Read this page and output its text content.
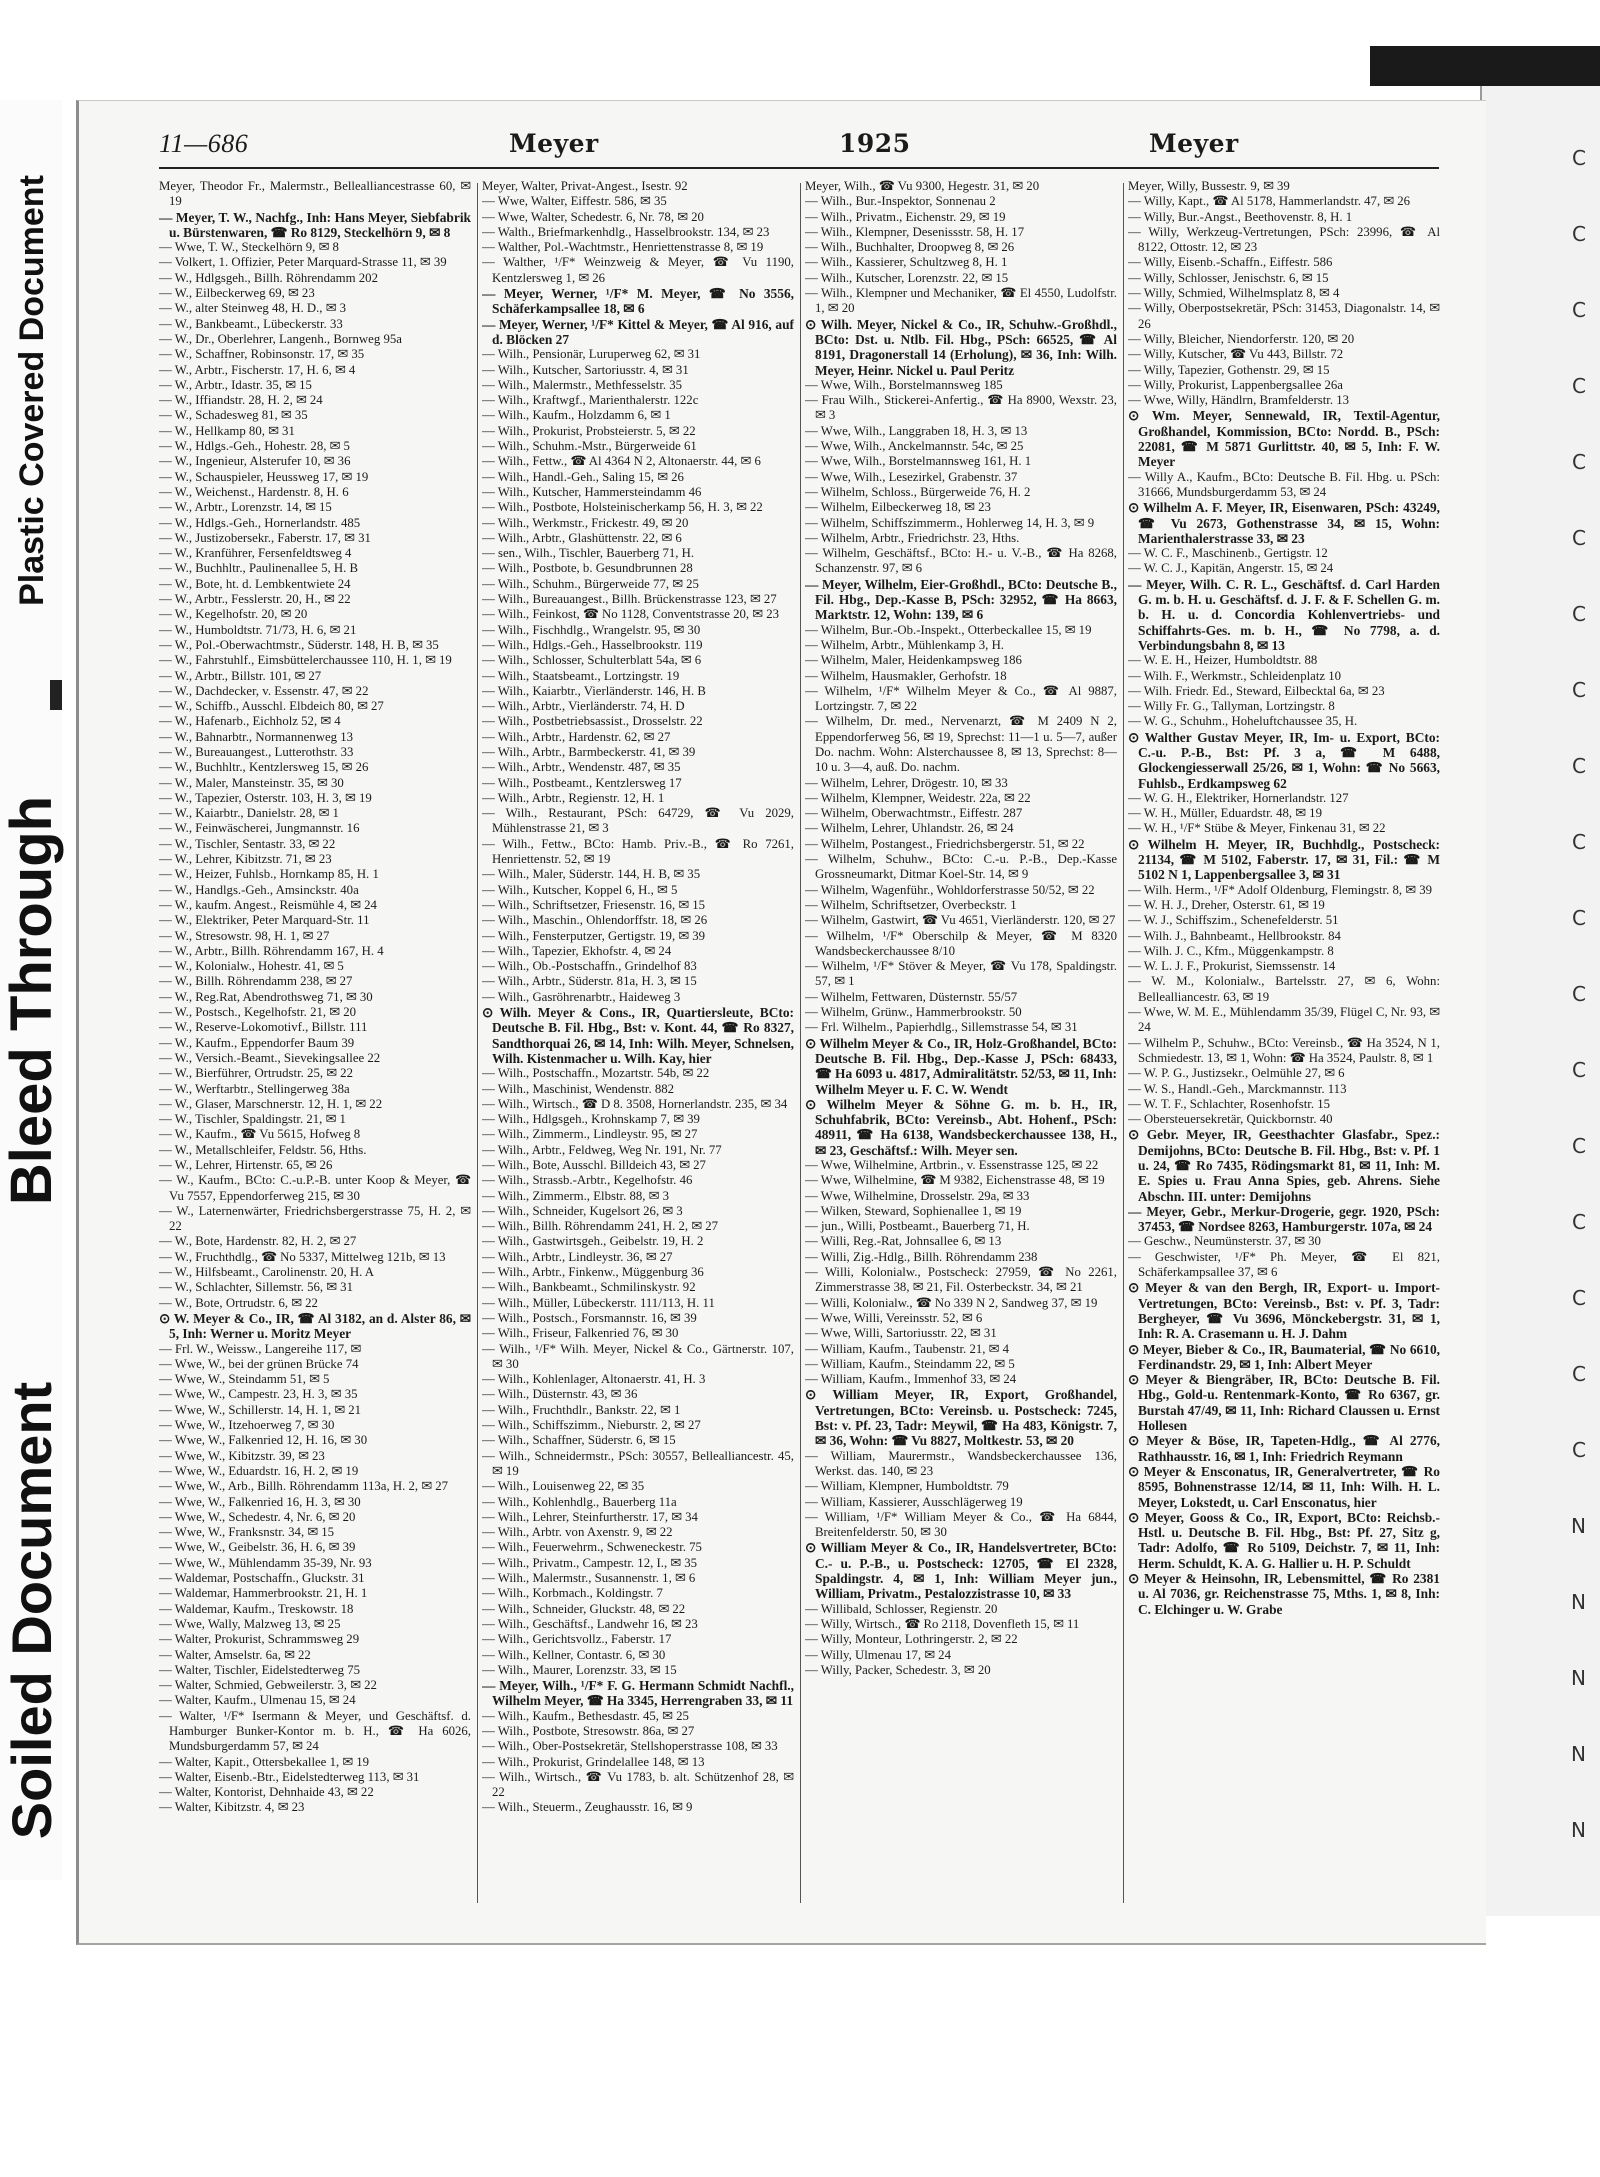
Plastic Covered Document
Bleed Through
Soiled Document
C
C
C
C
C
C
C
C
C
C
C
C
C
C
C
C
C
C
N
N
N
N
N
11—686	Meyer	1925	Meyer
Meyer, Theodor Fr., Malermstr., Bellealliancestrasse 60, ✉ 19
— Meyer, T. W., Nachfg., Inh: Hans Meyer, Siebfabrik u. Bürstenwaren, ☎ Ro 8129, Steckelhörn 9, ✉ 8
— Wwe, T. W., Steckelhörn 9, ✉ 8
— Volkert, 1. Offizier, Peter Marquard-Strasse 11, ✉ 39
— W., Hdlgsgeh., Billh. Röhrendamm 202
— W., Eilbeckerweg 69, ✉ 23
— W., alter Steinweg 48, H. D., ✉ 3
— W., Bankbeamt., Lübeckerstr. 33
— W., Dr., Oberlehrer, Langenh., Bornweg 95a
— W., Schaffner, Robinsonstr. 17, ✉ 35
— W., Arbtr., Fischerstr. 17, H. 6, ✉ 4
— W., Arbtr., Idastr. 35, ✉ 15
— W., Iffiandstr. 28, H. 2, ✉ 24
— W., Schadesweg 81, ✉ 35
— W., Hellkamp 80, ✉ 31
— W., Hdlgs.-Geh., Hohestr. 28, ✉ 5
— W., Ingenieur, Alsterufer 10, ✉ 36
— W., Schauspieler, Heussweg 17, ✉ 19
— W., Weichenst., Hardenstr. 8, H. 6
— W., Arbtr., Lorenzstr. 14, ✉ 15
— W., Hdlgs.-Geh., Hornerlandstr. 485
— W., Justizobersekr., Faberstr. 17, ✉ 31
— W., Kranführer, Fersenfeldtsweg 4
— W., Buchhltr., Paulinenallee 5, H. B
— W., Bote, ht. d. Lembkentwiete 24
— W., Arbtr., Fesslerstr. 20, H., ✉ 22
— W., Kegelhofstr. 20, ✉ 20
— W., Humboldtstr. 71/73, H. 6, ✉ 21
— W., Pol.-Oberwachtmstr., Süderstr. 148, H. B, ✉ 35
— W., Fahrstuhlf., Eimsbüttelerchaussee 110, H. 1, ✉ 19
— W., Arbtr., Billstr. 101, ✉ 27
— W., Dachdecker, v. Essenstr. 47, ✉ 22
— W., Schiffb., Ausschl. Elbdeich 80, ✉ 27
— W., Hafenarb., Eichholz 52, ✉ 4
— W., Bahnarbtr., Normannenweg 13
— W., Bureauangest., Lutterothstr. 33
— W., Buchhltr., Kentzlersweg 15, ✉ 26
— W., Maler, Mansteinstr. 35, ✉ 30
— W., Tapezier, Osterstr. 103, H. 3, ✉ 19
— W., Kaiarbtr., Danielstr. 28, ✉ 1
— W., Feinwäscherei, Jungmannstr. 16
— W., Tischler, Sentastr. 33, ✉ 22
— W., Lehrer, Kibitzstr. 71, ✉ 23
— W., Heizer, Fuhlsb., Hornkamp 85, H. 1
— W., Handlgs.-Geh., Amsinckstr. 40a
— W., kaufm. Angest., Reismühle 4, ✉ 24
— W., Elektriker, Peter Marquard-Str. 11
— W., Stresowstr. 98, H. 1, ✉ 27
— W., Arbtr., Billh. Röhrendamm 167, H. 4
— W., Kolonialw., Hohestr. 41, ✉ 5
— W., Billh. Röhrendamm 238, ✉ 27
— W., Reg.Rat, Abendrothsweg 71, ✉ 30
— W., Postsch., Kegelhofstr. 21, ✉ 20
— W., Reserve-Lokomotivf., Billstr. 111
— W., Kaufm., Eppendorfer Baum 39
— W., Versich.-Beamt., Sievekingsallee 22
— W., Bierführer, Ortrudstr. 25, ✉ 22
— W., Werftarbtr., Stellingerweg 38a
— W., Glaser, Marschnerstr. 12, H. 1, ✉ 22
— W., Tischler, Spaldingstr. 21, ✉ 1
— W., Kaufm., ☎ Vu 5615, Hofweg 8
— W., Metallschleifer, Feldstr. 56, Hths.
— W., Lehrer, Hirtenstr. 65, ✉ 26
— W., Kaufm., BCto: C.-u.P.-B. unter Koop & Meyer, ☎ Vu 7557, Eppendorferweg 215, ✉ 30
— W., Laternenwärter, Friedrichsbergerstrasse 75, H. 2, ✉ 22
— W., Bote, Hardenstr. 82, H. 2, ✉ 27
— W., Fruchthdlg., ☎ No 5337, Mittelweg 121b, ✉ 13
— W., Hilfsbeamt., Carolinenstr. 20, H. A
— W., Schlachter, Sillemstr. 56, ✉ 31
— W., Bote, Ortrudstr. 6, ✉ 22
⊙ W. Meyer & Co., IR, ☎ Al 3182, an d. Alster 86, ✉ 5, Inh: Werner u. Moritz Meyer
— Frl. W., Weissw., Langereihe 117, ✉
— Wwe, W., bei der grünen Brücke 74
— Wwe, W., Steindamm 51, ✉ 5
— Wwe, W., Campestr. 23, H. 3, ✉ 35
— Wwe, W., Schillerstr. 14, H. 1, ✉ 21
— Wwe, W., Itzehoerweg 7, ✉ 30
— Wwe, W., Falkenried 12, H. 16, ✉ 30
— Wwe, W., Kibitzstr. 39, ✉ 23
— Wwe, W., Eduardstr. 16, H. 2, ✉ 19
— Wwe, W., Arb., Billh. Röhrendamm 113a, H. 2, ✉ 27
— Wwe, W., Falkenried 16, H. 3, ✉ 30
— Wwe, W., Schedestr. 4, Nr. 6, ✉ 20
— Wwe, W., Franksnstr. 34, ✉ 15
— Wwe, W., Geibelstr. 36, H. 6, ✉ 39
— Wwe, W., Mühlendamm 35-39, Nr. 93
— Waldemar, Postschaffn., Gluckstr. 31
— Waldemar, Hammerbrookstr. 21, H. 1
— Waldemar, Kaufm., Treskowstr. 18
— Wwe, Wally, Malzweg 13, ✉ 25
— Walter, Prokurist, Schrammsweg 29
— Walter, Amselstr. 6a, ✉ 22
— Walter, Tischler, Eidelstedterweg 75
— Walter, Schmied, Gebweilerstr. 3, ✉ 22
— Walter, Kaufm., Ulmenau 15, ✉ 24
— Walter, ¹/F* Isermann & Meyer, und Geschäftsf. d. Hamburger Bunker-Kontor m. b. H., ☎ Ha 6026, Mundsburgerdamm 57, ✉ 24
— Walter, Kapit., Ottersbekallee 1, ✉ 19
— Walter, Eisenb.-Btr., Eidelstedterweg 113, ✉ 31
— Walter, Kontorist, Dehnhaide 43, ✉ 22
— Walter, Kibitzstr. 4, ✉ 23
Meyer, Walter, Privat-Angest., Isestr. 92
— Wwe, Walter, Eiffestr. 586, ✉ 35
— Wwe, Walter, Schedestr. 6, Nr. 78, ✉ 20
— Walth., Briefmarkenhdlg., Hasselbrookstr. 134, ✉ 23
— Walther, Pol.-Wachtmstr., Henriettenstrasse 8, ✉ 19
— Walther, ¹/F* Weinzweig & Meyer, ☎ Vu 1190, Kentzlersweg 1, ✉ 26
— Meyer, Werner, ¹/F* M. Meyer, ☎ No 3556, Schäferkampsallee 18, ✉ 6
— Meyer, Werner, ¹/F* Kittel & Meyer, ☎ Al 916, auf d. Blöcken 27
— Wilh., Pensionär, Luruperweg 62, ✉ 31
— Wilh., Kutscher, Sartoriusstr. 4, ✉ 31
— Wilh., Malermstr., Methfesselstr. 35
— Wilh., Kraftwgf., Marienthalerstr. 122c
— Wilh., Kaufm., Holzdamm 6, ✉ 1
— Wilh., Prokurist, Probsteierstr. 5, ✉ 22
— Wilh., Schuhm.-Mstr., Bürgerweide 61
— Wilh., Fettw., ☎ Al 4364 N 2, Altonaerstr. 44, ✉ 6
— Wilh., Handl.-Geh., Saling 15, ✉ 26
— Wilh., Kutscher, Hammersteindamm 46
— Wilh., Postbote, Holsteinischerkamp 56, H. 3, ✉ 22
— Wilh., Werkmstr., Frickestr. 49, ✉ 20
— Wilh., Arbtr., Glashüttenstr. 22, ✉ 6
— sen., Wilh., Tischler, Bauerberg 71, H.
— Wilh., Postbote, b. Gesundbrunnen 28
— Wilh., Schuhm., Bürgerweide 77, ✉ 25
— Wilh., Bureauangest., Billh. Brückenstrasse 123, ✉ 27
— Wilh., Feinkost, ☎ No 1128, Conventstrasse 20, ✉ 23
— Wilh., Fischhdlg., Wrangelstr. 95, ✉ 30
— Wilh., Hdlgs.-Geh., Hasselbrookstr. 119
— Wilh., Schlosser, Schulterblatt 54a, ✉ 6
— Wilh., Staatsbeamt., Lortzingstr. 19
— Wilh., Kaiarbtr., Vierländerstr. 146, H. B
— Wilh., Arbtr., Vierländerstr. 74, H. D
— Wilh., Postbetriebsassist., Drosselstr. 22
— Wilh., Arbtr., Hardenstr. 62, ✉ 27
— Wilh., Arbtr., Barmbeckerstr. 41, ✉ 39
— Wilh., Arbtr., Wendenstr. 487, ✉ 35
— Wilh., Postbeamt., Kentzlersweg 17
— Wilh., Arbtr., Regienstr. 12, H. 1
— Wilh., Restaurant, PSch: 64729, ☎ Vu 2029, Mühlenstrasse 21, ✉ 3
— Wilh., Fettw., BCto: Hamb. Priv.-B., ☎ Ro 7261, Henriettenstr. 52, ✉ 19
— Wilh., Maler, Süderstr. 144, H. B, ✉ 35
— Wilh., Kutscher, Koppel 6, H., ✉ 5
— Wilh., Schriftsetzer, Friesenstr. 16, ✉ 15
— Wilh., Maschin., Ohlendorffstr. 18, ✉ 26
— Wilh., Fensterputzer, Gertigstr. 19, ✉ 39
— Wilh., Tapezier, Ekhofstr. 4, ✉ 24
— Wilh., Ob.-Postschaffn., Grindelhof 83
— Wilh., Arbtr., Süderstr. 81a, H. 3, ✉ 15
— Wilh., Gasröhrenarbtr., Haideweg 3
⊙ Wilh. Meyer & Cons., IR, Quartiersleute, BCto: Deutsche B. Fil. Hbg., Bst: v. Kont. 44, ☎ Ro 8327, Sandthorquai 26, ✉ 14, Inh: Wilh. Meyer, Schnelsen, Wilh. Kistenmacher u. Wilh. Kay, hier
— Wilh., Postschaffn., Mozartstr. 54b, ✉ 22
— Wilh., Maschinist, Wendenstr. 882
— Wilh., Wirtsch., ☎ D 8. 3508, Hornerlandstr. 235, ✉ 34
— Wilh., Hdlgsgeh., Krohnskamp 7, ✉ 39
— Wilh., Zimmerm., Lindleystr. 95, ✉ 27
— Wilh., Arbtr., Feldweg, Weg Nr. 191, Nr. 77
— Wilh., Bote, Ausschl. Billdeich 43, ✉ 27
— Wilh., Strassb.-Arbtr., Kegelhofstr. 46
— Wilh., Zimmerm., Elbstr. 88, ✉ 3
— Wilh., Schneider, Kugelsort 26, ✉ 3
— Wilh., Billh. Röhrendamm 241, H. 2, ✉ 27
— Wilh., Gastwirtsgeh., Geibelstr. 19, H. 2
— Wilh., Arbtr., Lindleystr. 36, ✉ 27
— Wilh., Arbtr., Finkenw., Müggenburg 36
— Wilh., Bankbeamt., Schmilinskystr. 92
— Wilh., Müller, Lübeckerstr. 111/113, H. 11
— Wilh., Postsch., Forsmannstr. 16, ✉ 39
— Wilh., Friseur, Falkenried 76, ✉ 30
— Wilh., ¹/F* Wilh. Meyer, Nickel & Co., Gärtnerstr. 107, ✉ 30
— Wilh., Kohlenlager, Altonaerstr. 41, H. 3
— Wilh., Düsternstr. 43, ✉ 36
— Wilh., Fruchthdlr., Bankstr. 22, ✉ 1
— Wilh., Schiffszimm., Nieburstr. 2, ✉ 27
— Wilh., Schaffner, Süderstr. 6, ✉ 15
— Wilh., Schneidermstr., PSch: 30557, Bellealliancestr. 45, ✉ 19
— Wilh., Louisenweg 22, ✉ 35
— Wilh., Kohlenhdlg., Bauerberg 11a
— Wilh., Lehrer, Steinfurtherstr. 17, ✉ 34
— Wilh., Arbtr. von Axenstr. 9, ✉ 22
— Wilh., Feuerwehrm., Schweneckestr. 75
— Wilh., Privatm., Campestr. 12, I., ✉ 35
— Wilh., Malermstr., Susannenstr. 1, ✉ 6
— Wilh., Korbmach., Koldingstr. 7
— Wilh., Schneider, Gluckstr. 48, ✉ 22
— Wilh., Geschäftsf., Landwehr 16, ✉ 23
— Wilh., Gerichtsvollz., Faberstr. 17
— Wilh., Kellner, Contastr. 6, ✉ 30
— Wilh., Maurer, Lorenzstr. 33, ✉ 15
— Meyer, Wilh., ¹/F* F. G. Hermann Schmidt Nachfl., Wilhelm Meyer, ☎ Ha 3345, Herrengraben 33, ✉ 11
— Wilh., Kaufm., Bethesdastr. 45, ✉ 25
— Wilh., Postbote, Stresowstr. 86a, ✉ 27
— Wilh., Ober-Postsekretär, Stellshoperstrasse 108, ✉ 33
— Wilh., Prokurist, Grindelallee 148, ✉ 13
— Wilh., Wirtsch., ☎ Vu 1783, b. alt. Schützenhof 28, ✉ 22
— Wilh., Steuerm., Zeughausstr. 16, ✉ 9
Meyer, Wilh., ☎ Vu 9300, Hegestr. 31, ✉ 20
— Wilh., Bur.-Inspektor, Sonnenau 2
— Wilh., Privatm., Eichenstr. 29, ✉ 19
— Wilh., Klempner, Desenissstr. 58, H. 17
— Wilh., Buchhalter, Droopweg 8, ✉ 26
— Wilh., Kassierer, Schultzweg 8, H. 1
— Wilh., Kutscher, Lorenzstr. 22, ✉ 15
— Wilh., Klempner und Mechaniker, ☎ El 4550, Ludolfstr. 1, ✉ 20
⊙ Wilh. Meyer, Nickel & Co., IR, Schuhw.-Großhdl., BCto: Dst. u. Ntlb. Fil. Hbg., PSch: 66525, ☎ Al 8191, Dragonerstall 14 (Erholung), ✉ 36, Inh: Wilh. Meyer, Heinr. Nickel u. Paul Peritz
— Wwe, Wilh., Borstelmannsweg 185
— Frau Wilh., Stickerei-Anfertig., ☎ Ha 8900, Wexstr. 23, ✉ 3
— Wwe, Wilh., Langgraben 18, H. 3, ✉ 13
— Wwe, Wilh., Anckelmannstr. 54c, ✉ 25
— Wwe, Wilh., Borstelmannsweg 161, H. 1
— Wwe, Wilh., Lesezirkel, Grabenstr. 37
— Wilhelm, Schloss., Bürgerweide 76, H. 2
— Wilhelm, Eilbeckerweg 18, ✉ 23
— Wilhelm, Schiffszimmerm., Hohlerweg 14, H. 3, ✉ 9
— Wilhelm, Arbtr., Friedrichstr. 23, Hths.
— Wilhelm, Geschäftsf., BCto: H.- u. V.-B., ☎ Ha 8268, Schanzenstr. 97, ✉ 6
— Meyer, Wilhelm, Eier-Großhdl., BCto: Deutsche B., Fil. Hbg., Dep.-Kasse B, PSch: 32952, ☎ Ha 8663, Marktstr. 12, Wohn: 139, ✉ 6
— Wilhelm, Bur.-Ob.-Inspekt., Otterbeckallee 15, ✉ 19
— Wilhelm, Arbtr., Mühlenkamp 3, H.
— Wilhelm, Maler, Heidenkampsweg 186
— Wilhelm, Hausmakler, Gerhofstr. 18
— Wilhelm, ¹/F* Wilhelm Meyer & Co., ☎ Al 9887, Lortzingstr. 7, ✉ 22
— Wilhelm, Dr. med., Nervenarzt, ☎ M 2409 N 2, Eppendorferweg 56, ✉ 19, Sprechst: 11—1 u. 5—7, außer Do. nachm. Wohn: Alsterchaussee 8, ✉ 13, Sprechst: 8—10 u. 3—4, auß. Do. nachm.
— Wilhelm, Lehrer, Drögestr. 10, ✉ 33
— Wilhelm, Klempner, Weidestr. 22a, ✉ 22
— Wilhelm, Oberwachtmstr., Eiffestr. 287
— Wilhelm, Lehrer, Uhlandstr. 26, ✉ 24
— Wilhelm, Postangest., Friedrichsbergerstr. 51, ✉ 22
— Wilhelm, Schuhw., BCto: C.-u. P.-B., Dep.-Kasse Grossneumarkt, Ditmar Koel-Str. 14, ✉ 9
— Wilhelm, Wagenführ., Wohldorferstrasse 50/52, ✉ 22
— Wilhelm, Schriftsetzer, Overbeckstr. 1
— Wilhelm, Gastwirt, ☎ Vu 4651, Vierländerstr. 120, ✉ 27
— Wilhelm, ¹/F* Oberschilp & Meyer, ☎ M 8320 Wandsbeckerchaussee 8/10
— Wilhelm, ¹/F* Stöver & Meyer, ☎ Vu 178, Spaldingstr. 57, ✉ 1
— Wilhelm, Fettwaren, Düsternstr. 55/57
— Wilhelm, Grünw., Hammerbrookstr. 50
— Frl. Wilhelm., Papierhdlg., Sillemstrasse 54, ✉ 31
⊙ Wilhelm Meyer & Co., IR, Holz-Großhandel, BCto: Deutsche B. Fil. Hbg., Dep.-Kasse J, PSch: 68433, ☎ Ha 6093 u. 4817, Admiralitätstr. 52/53, ✉ 11, Inh: Wilhelm Meyer u. F. C. W. Wendt
⊙ Wilhelm Meyer & Söhne G. m. b. H., IR, Schuhfabrik, BCto: Vereinsb., Abt. Hohenf., PSch: 48911, ☎ Ha 6138, Wandsbeckerchaussee 138, H., ✉ 23, Geschäftsf.: Wilh. Meyer sen.
— Wwe, Wilhelmine, Artbrin., v. Essenstrasse 125, ✉ 22
— Wwe, Wilhelmine, ☎ M 9382, Eichenstrasse 48, ✉ 19
— Wwe, Wilhelmine, Drosselstr. 29a, ✉ 33
— Wilken, Steward, Sophienallee 1, ✉ 19
— jun., Willi, Postbeamt., Bauerberg 71, H.
— Willi, Reg.-Rat, Johnsallee 6, ✉ 13
— Willi, Zig.-Hdlg., Billh. Röhrendamm 238
— Willi, Kolonialw., Postscheck: 27959, ☎ No 2261, Zimmerstrasse 38, ✉ 21, Fil. Osterbeckstr. 34, ✉ 21
— Willi, Kolonialw., ☎ No 339 N 2, Sandweg 37, ✉ 19
— Wwe, Willi, Vereinsstr. 52, ✉ 6
— Wwe, Willi, Sartoriusstr. 22, ✉ 31
— William, Kaufm., Taubenstr. 21, ✉ 4
— William, Kaufm., Steindamm 22, ✉ 5
— William, Kaufm., Immenhof 33, ✉ 24
⊙ William Meyer, IR, Export, Großhandel, Vertretungen, BCto: Vereinsb. u. Postscheck: 7245, Bst: v. Pf. 23, Tadr: Meywil, ☎ Ha 483, Königstr. 7, ✉ 36, Wohn: ☎ Vu 8827, Moltkestr. 53, ✉ 20
— William, Maurermstr., Wandsbeckerchaussee 136, Werkst. das. 140, ✉ 23
— William, Klempner, Humboldtstr. 79
— William, Kassierer, Ausschlägerweg 19
— William, ¹/F* William Meyer & Co., ☎ Ha 6844, Breitenfelderstr. 50, ✉ 30
⊙ William Meyer & Co., IR, Handelsvertreter, BCto: C.- u. P.-B., u. Postscheck: 12705, ☎ El 2328, Spaldingstr. 4, ✉ 1, Inh: William Meyer jun., William, Privatm., Pestalozzistrasse 10, ✉ 33
— Willibald, Schlosser, Regienstr. 20
— Willy, Wirtsch., ☎ Ro 2118, Dovenfleth 15, ✉ 11
— Willy, Monteur, Lothringerstr. 2, ✉ 22
— Willy, Ulmenau 17, ✉ 24
— Willy, Packer, Schedestr. 3, ✉ 20
Meyer, Willy, Bussestr. 9, ✉ 39
— Willy, Kapt., ☎ Al 5178, Hammerlandstr. 47, ✉ 26
— Willy, Bur.-Angst., Beethovenstr. 8, H. 1
— Willy, Werkzeug-Vertretungen, PSch: 23996, ☎ Al 8122, Ottostr. 12, ✉ 23
— Willy, Eisenb.-Schaffn., Eiffestr. 586
— Willy, Schlosser, Jenischstr. 6, ✉ 15
— Willy, Schmied, Wilhelmsplatz 8, ✉ 4
— Willy, Oberpostsekretär, PSch: 31453, Diagonalstr. 14, ✉ 26
— Willy, Bleicher, Niendorferstr. 120, ✉ 20
— Willy, Kutscher, ☎ Vu 443, Billstr. 72
— Willy, Tapezier, Gothenstr. 29, ✉ 15
— Willy, Prokurist, Lappenbergsallee 26a
— Wwe, Willy, Händlrn, Bramfelderstr. 13
⊙ Wm. Meyer, Sennewald, IR, Textil-Agentur, Großhandel, Kommission, BCto: Nordd. B., PSch: 22081, ☎ M 5871 Gurlittstr. 40, ✉ 5, Inh: F. W. Meyer
— Willy A., Kaufm., BCto: Deutsche B. Fil. Hbg. u. PSch: 31666, Mundsburgerdamm 53, ✉ 24
⊙ Wilhelm A. F. Meyer, IR, Eisenwaren, PSch: 43249, ☎ Vu 2673, Gothenstrasse 34, ✉ 15, Wohn: Marienthalerstrasse 33, ✉ 23
— W. C. F., Maschinenb., Gertigstr. 12
— W. C. J., Kapitän, Angerstr. 15, ✉ 24
— Meyer, Wilh. C. R. L., Geschäftsf. d. Carl Harden G. m. b. H. u. Geschäftsf. d. J. F. & F. Schellen G. m. b. H. u. d. Concordia Kohlenvertriebs- und Schiffahrts-Ges. m. b. H., ☎ No 7798, a. d. Verbindungsbahn 8, ✉ 13
— W. E. H., Heizer, Humboldtstr. 88
— Wilh. F., Werkmstr., Schleidenplatz 10
— Wilh. Friedr. Ed., Steward, Eilbecktal 6a, ✉ 23
— Willy Fr. G., Tallyman, Lortzingstr. 8
— W. G., Schuhm., Hoheluftchaussee 35, H.
⊙ Walther Gustav Meyer, IR, Im- u. Export, BCto: C.-u. P.-B., Bst: Pf. 3 a, ☎ M 6488, Glockengiesserwall 25/26, ✉ 1, Wohn: ☎ No 5663, Fuhlsb., Erdkampsweg 62
— W. G. H., Elektriker, Hornerlandstr. 127
— W. H., Müller, Eduardstr. 48, ✉ 19
— W. H., ¹/F* Stübe & Meyer, Finkenau 31, ✉ 22
⊙ Wilhelm H. Meyer, IR, Buchhdlg., Postscheck: 21134, ☎ M 5102, Faberstr. 17, ✉ 31, Fil.: ☎ M 5102 N 1, Lappenbergsallee 3, ✉ 31
— Wilh. Herm., ¹/F* Adolf Oldenburg, Flemingstr. 8, ✉ 39
— W. H. J., Dreher, Osterstr. 61, ✉ 19
— W. J., Schiffszim., Schenefelderstr. 51
— Wilh. J., Bahnbeamt., Hellbrookstr. 84
— Wilh. J. C., Kfm., Müggenkampstr. 8
— W. L. J. F., Prokurist, Siemssenstr. 14
— W. M., Kolonialw., Bartelsstr. 27, ✉ 6, Wohn: Bellealliancestr. 63, ✉ 19
— Wwe, W. M. E., Mühlendamm 35/39, Flügel C, Nr. 93, ✉ 24
— Wilhelm P., Schuhw., BCto: Vereinsb., ☎ Ha 3524, N 1, Schmiedestr. 13, ✉ 1, Wohn: ☎ Ha 3524, Paulstr. 8, ✉ 1
— W. P. G., Justizsekr., Oelmühle 27, ✉ 6
— W. S., Handl.-Geh., Marckmannstr. 113
— W. T. F., Schlachter, Rosenhofstr. 15
— Obersteuersekretär, Quickbornstr. 40
⊙ Gebr. Meyer, IR, Geesthachter Glasfabr., Spez.: Demijohns, BCto: Deutsche B. Fil. Hbg., Bst: v. Pf. 1 u. 24, ☎ Ro 7435, Rödingsmarkt 81, ✉ 11, Inh: M. E. Spies u. Frau Anna Spies, geb. Ahrens. Siehe Abschn. III. unter: Demijohns
— Meyer, Gebr., Merkur-Drogerie, gegr. 1920, PSch: 37453, ☎ Nordsee 8263, Hamburgerstr. 107a, ✉ 24
— Geschw., Neumünsterstr. 37, ✉ 30
— Geschwister, ¹/F* Ph. Meyer, ☎ El 821, Schäferkampsallee 37, ✉ 6
⊙ Meyer & van den Bergh, IR, Export- u. Import-Vertretungen, BCto: Vereinsb., Bst: v. Pf. 3, Tadr: Bergheyer, ☎ Vu 3696, Mönckebergstr. 31, ✉ 1, Inh: R. A. Crasemann u. H. J. Dahm
⊙ Meyer, Bieber & Co., IR, Baumaterial, ☎ No 6610, Ferdinandstr. 29, ✉ 1, Inh: Albert Meyer
⊙ Meyer & Biengräber, IR, BCto: Deutsche B. Fil. Hbg., Gold-u. Rentenmark-Konto, ☎ Ro 6367, gr. Burstah 47/49, ✉ 11, Inh: Richard Claussen u. Ernst Hollesen
⊙ Meyer & Böse, IR, Tapeten-Hdlg., ☎ Al 2776, Rathhausstr. 16, ✉ 1, Inh: Friedrich Reymann
⊙ Meyer & Ensconatus, IR, Generalvertreter, ☎ Ro 8595, Bohnenstrasse 12/14, ✉ 11, Inh: Wilh. H. L. Meyer, Lokstedt, u. Carl Ensconatus, hier
⊙ Meyer, Gooss & Co., IR, Export, BCto: Reichsb.-Hstl. u. Deutsche B. Fil. Hbg., Bst: Pf. 27, Sitz g, Tadr: Adolfo, ☎ Ro 5109, Deichstr. 7, ✉ 11, Inh: Herm. Schuldt, K. A. G. Hallier u. H. P. Schuldt
⊙ Meyer & Heinsohn, IR, Lebensmittel, ☎ Ro 2381 u. Al 7036, gr. Reichenstrasse 75, Mths. 1, ✉ 8, Inh: C. Elchinger u. W. Grabe
